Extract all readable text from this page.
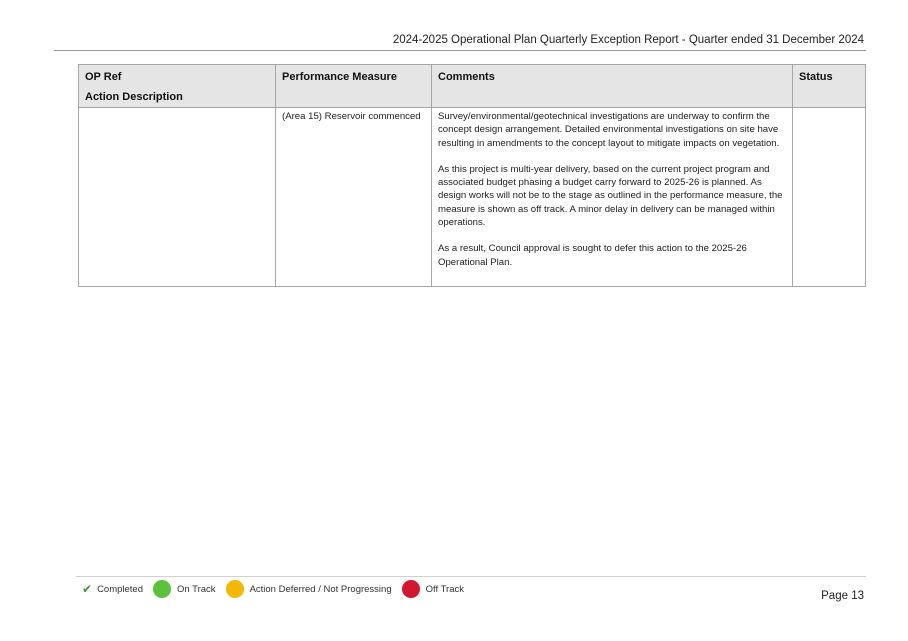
2024-2025 Operational Plan Quarterly Exception Report - Quarter ended 31 December 2024
OP Ref
Action Description	Performance Measure	Comments	Status
	(Area 15) Reservoir commenced	Survey/environmental/geotechnical investigations are underway to confirm the concept design arrangement. Detailed environmental investigations on site have resulting in amendments to the concept layout to mitigate impacts on vegetation.

As this project is multi-year delivery, based on the current project program and associated budget phasing a budget carry forward to 2025-26 is planned. As design works will not be to the stage as outlined in the performance measure, the measure is shown as off track. A minor delay in delivery can be managed within operations.

As a result, Council approval is sought to defer this action to the 2025-26 Operational Plan.	

✔ Completed	On Track	Action Deferred / Not Progressing	Off Track
Page 13
